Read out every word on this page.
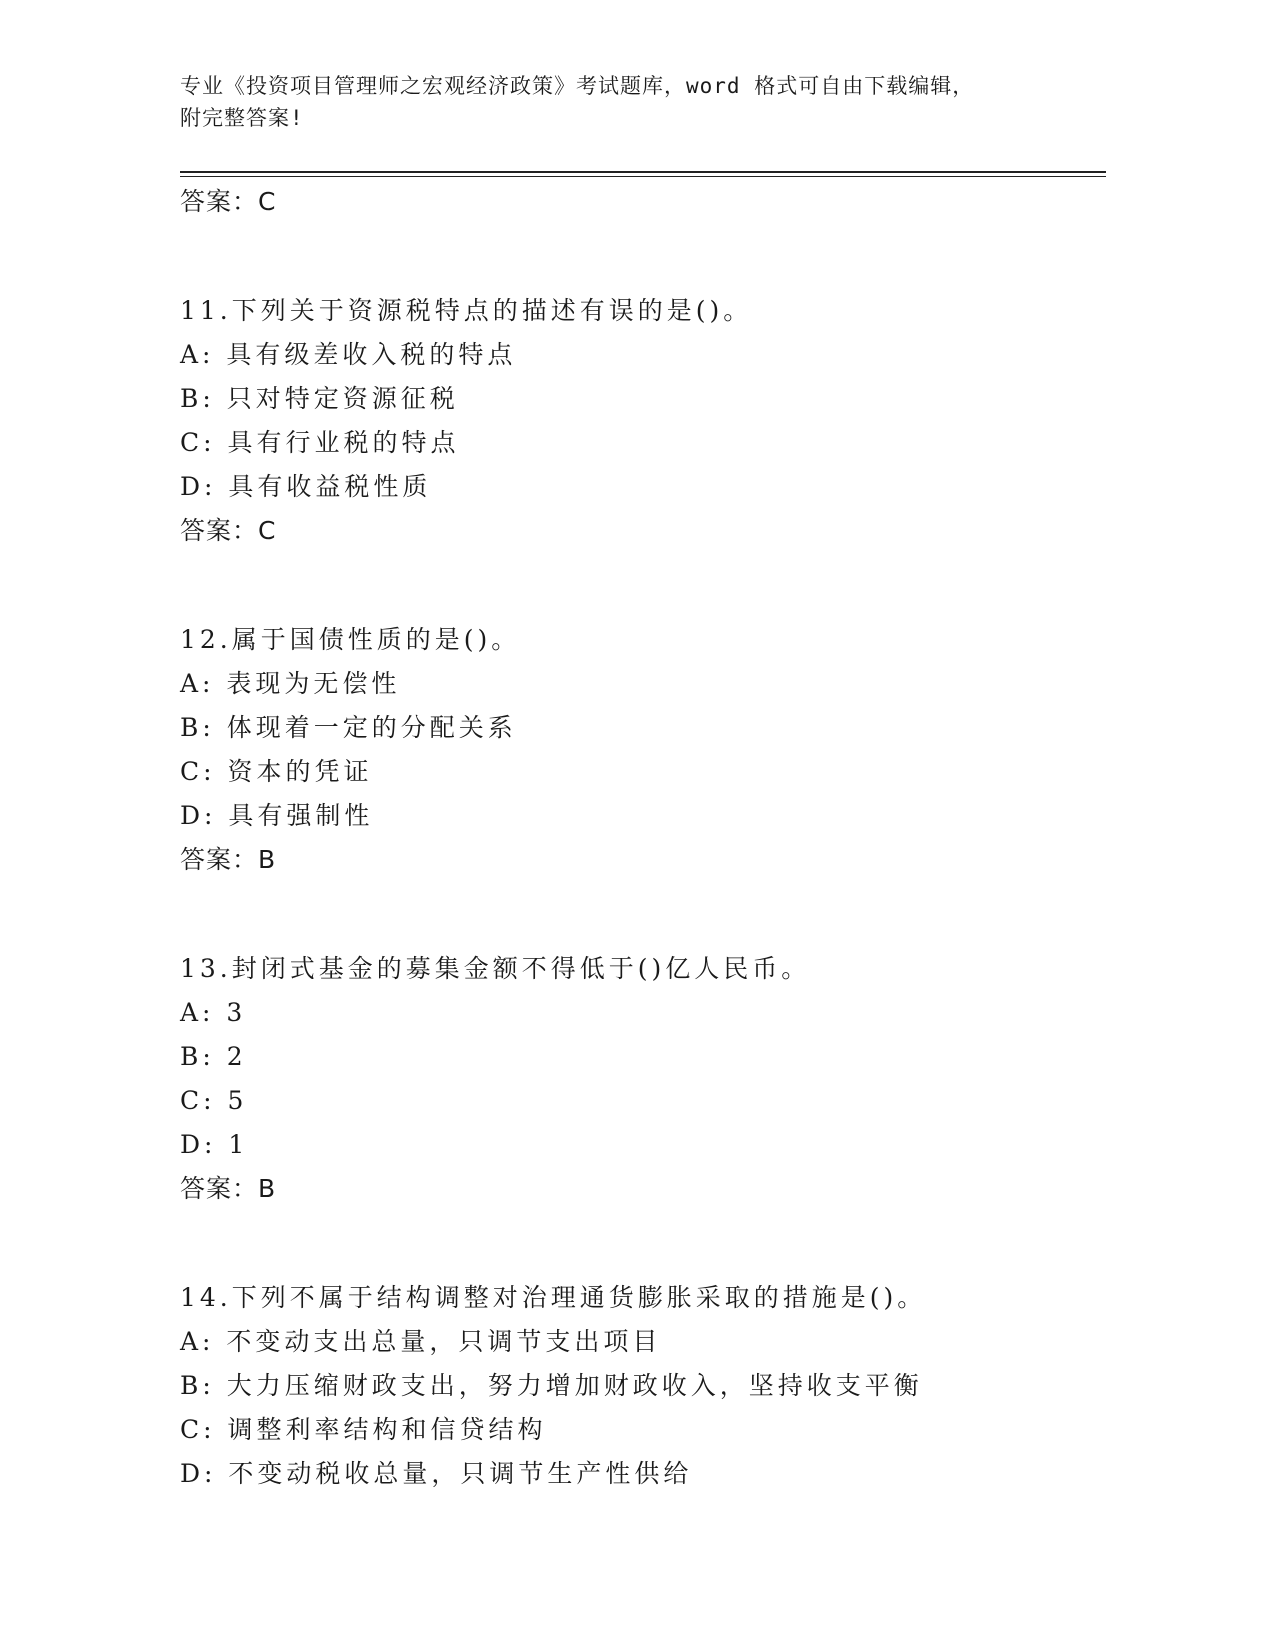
专业《投资项目管理师之宏观经济政策》考试题库，word 格式可自由下载编辑，
附完整答案!
答案：C
11.下列关于资源税特点的描述有误的是()。
A: 具有级差收入税的特点
B: 只对特定资源征税
C: 具有行业税的特点
D: 具有收益税性质
答案：C
12.属于国债性质的是()。
A: 表现为无偿性
B: 体现着一定的分配关系
C: 资本的凭证
D: 具有强制性
答案：B
13.封闭式基金的募集金额不得低于()亿人民币。
A: 3
B: 2
C: 5
D: 1
答案：B
14.下列不属于结构调整对治理通货膨胀采取的措施是()。
A: 不变动支出总量，只调节支出项目
B: 大力压缩财政支出，努力增加财政收入，坚持收支平衡
C: 调整利率结构和信贷结构
D: 不变动税收总量，只调节生产性供给
